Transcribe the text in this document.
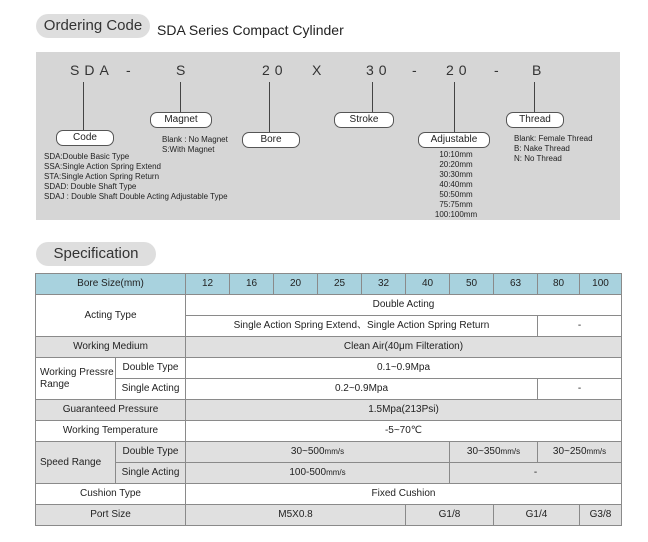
Ordering Code	SDA Series Compact Cylinder
SDA -	S	20 X	30 - 20 - B
Code
Magnet
Bore
Stroke
Adjustable
Thread
SDA:Double Basic Type
SSA:Single Action Spring Extend
STA:Single Action Spring Return
SDAD: Double Shaft Type
SDAJ : Double Shaft Double Acting Adjustable Type
Blank : No Magnet
S:With Magnet
10:10mm
20:20mm
30:30mm
40:40mm
50:50mm
75:75mm
100:100mm
Blank: Female Thread
B: Nake Thread
N: No Thread
Specification
Bore Size(mm)		12	16	20	25	32	40	50	63	80	100
Acting Type		Double Acting									
		Single Action Spring Extend、Single Action Spring Return								-	
Working Medium		Clean Air(40μm Filteration)									
Working Pressre Range	Double Type	0.1~0.9Mpa									
	Single Acting	0.2~0.9Mpa								-	
Guaranteed Pressure		1.5Mpa(213Psi)									
Working Temperature		-5~70℃									
Speed Range	Double Type	30~500mm/s						30~350mm/s		30~250mm/s	
	Single Acting	100-500mm/s						-			
Cushion Type		Fixed Cushion									
Port Size		M5X0.8					G1/8		G1/4		G3/8
